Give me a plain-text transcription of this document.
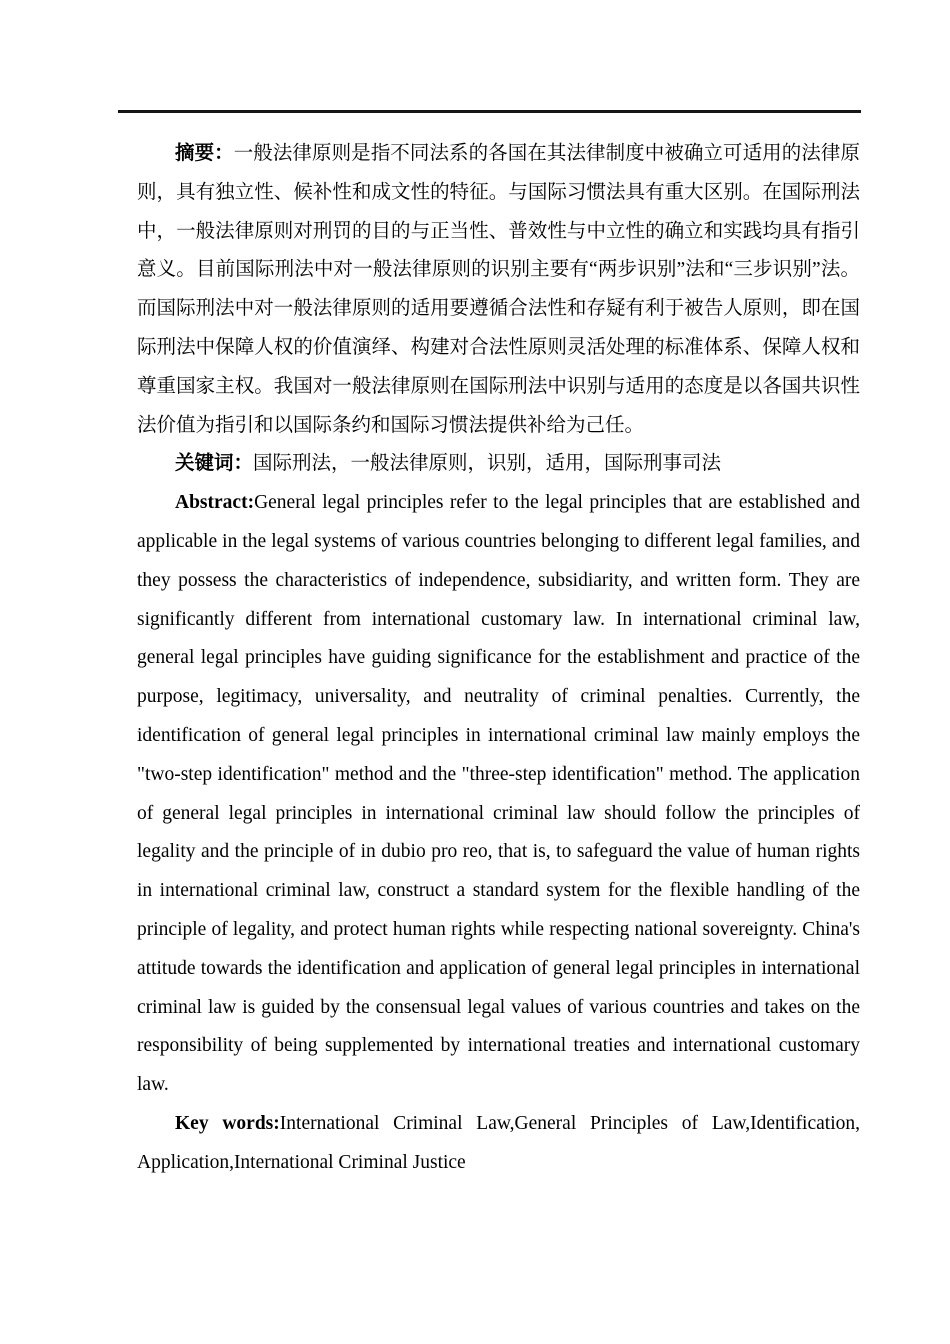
摘要：一般法律原则是指不同法系的各国在其法律制度中被确立可适用的法律原则，具有独立性、候补性和成文性的特征。与国际习惯法具有重大区别。在国际刑法中，一般法律原则对刑罚的目的与正当性、普效性与中立性的确立和实践均具有指引意义。目前国际刑法中对一般法律原则的识别主要有“两步识别”法和“三步识别”法。而国际刑法中对一般法律原则的适用要遵循合法性和存疑有利于被告人原则，即在国际刑法中保障人权的价值演绎、构建对合法性原则灵活处理的标准体系、保障人权和尊重国家主权。我国对一般法律原则在国际刑法中识别与适用的态度是以各国共识性法价值为指引和以国际条约和国际习惯法提供补给为己任。

关键词：国际刑法，一般法律原则，识别，适用，国际刑事司法

Abstract:General legal principles refer to the legal principles that are established and applicable in the legal systems of various countries belonging to different legal families, and they possess the characteristics of independence, subsidiarity, and written form. They are significantly different from international customary law. In international criminal law, general legal principles have guiding significance for the establishment and practice of the purpose, legitimacy, universality, and neutrality of criminal penalties. Currently, the identification of general legal principles in international criminal law mainly employs the "two-step identification" method and the "three-step identification" method. The application of general legal principles in international criminal law should follow the principles of legality and the principle of in dubio pro reo, that is, to safeguard the value of human rights in international criminal law, construct a standard system for the flexible handling of the principle of legality, and protect human rights while respecting national sovereignty. China's attitude towards the identification and application of general legal principles in international criminal law is guided by the consensual legal values of various countries and takes on the responsibility of being supplemented by international treaties and international customary law.

Key words:International Criminal Law,General Principles of Law,Identification, Application,International Criminal Justice
